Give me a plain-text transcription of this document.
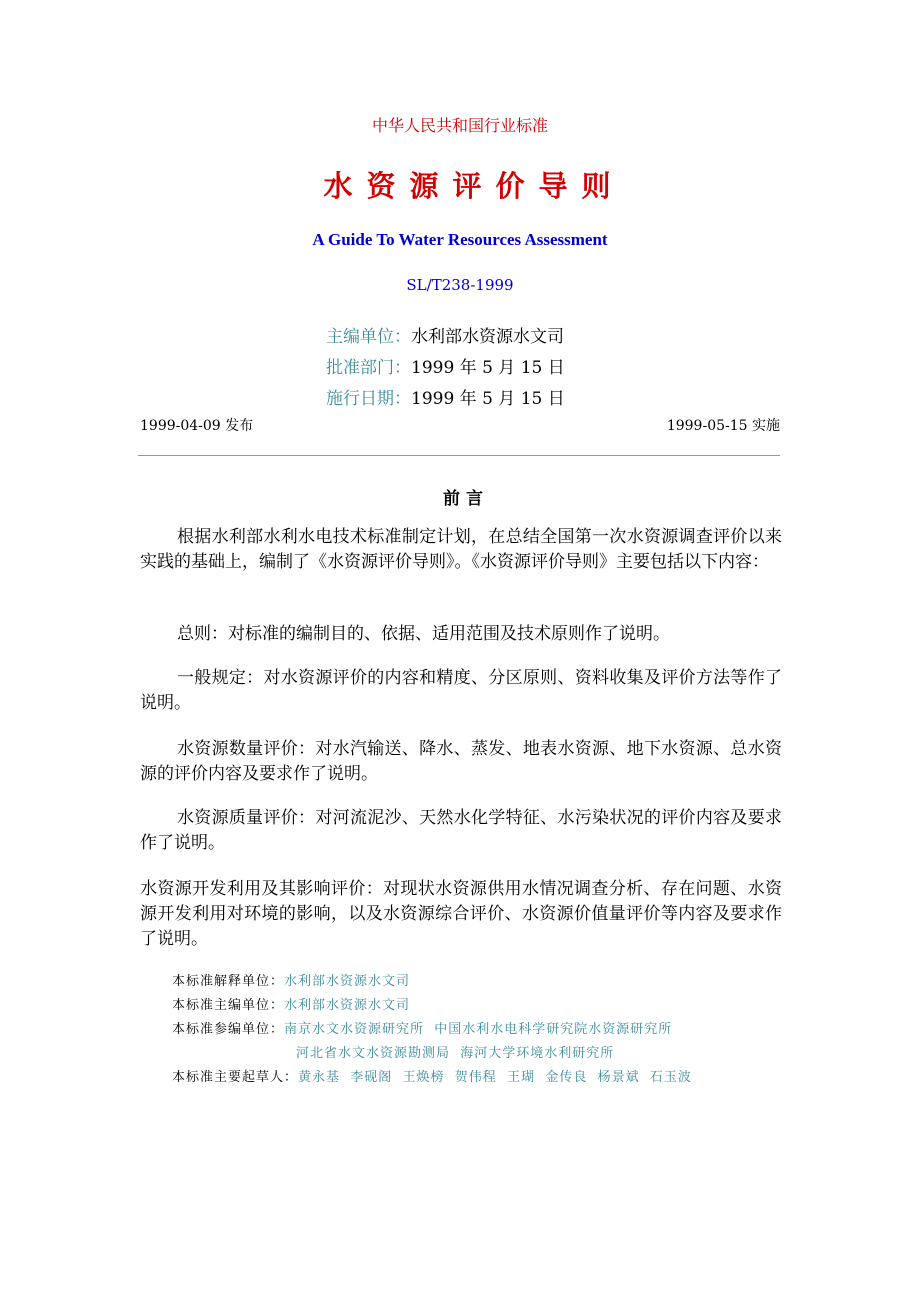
中华人民共和国行业标准
水资源评价导则
A Guide To Water Resources Assessment
SL/T238-1999
主编单位：水利部水资源水文司
批准部门：1999 年 5 月 15 日
施行日期：1999 年 5 月 15 日
1999-04-09 发布	1999-05-15 实施
前言
根据水利部水利水电技术标准制定计划，在总结全国第一次水资源调查评价以来实践的基础上，编制了《水资源评价导则》。《水资源评价导则》主要包括以下内容：
总则：对标准的编制目的、依据、适用范围及技术原则作了说明。
一般规定：对水资源评价的内容和精度、分区原则、资料收集及评价方法等作了说明。
水资源数量评价：对水汽输送、降水、蒸发、地表水资源、地下水资源、总水资源的评价内容及要求作了说明。
水资源质量评价：对河流泥沙、天然水化学特征、水污染状况的评价内容及要求作了说明。
水资源开发利用及其影响评价：对现状水资源供用水情况调查分析、存在问题、水资源开发利用对环境的影响，以及水资源综合评价、水资源价值量评价等内容及要求作了说明。
本标准解释单位：水利部水资源水文司
本标准主编单位：水利部水资源水文司
本标准参编单位：南京水文水资源研究所  中国水利水电科学研究院水资源研究所
河北省水文水资源勘测局  海河大学环境水利研究所
本标准主要起草人：黄永基  李砚阁  王焕榜  贺伟程  王瑚  金传良  杨景斌  石玉波
